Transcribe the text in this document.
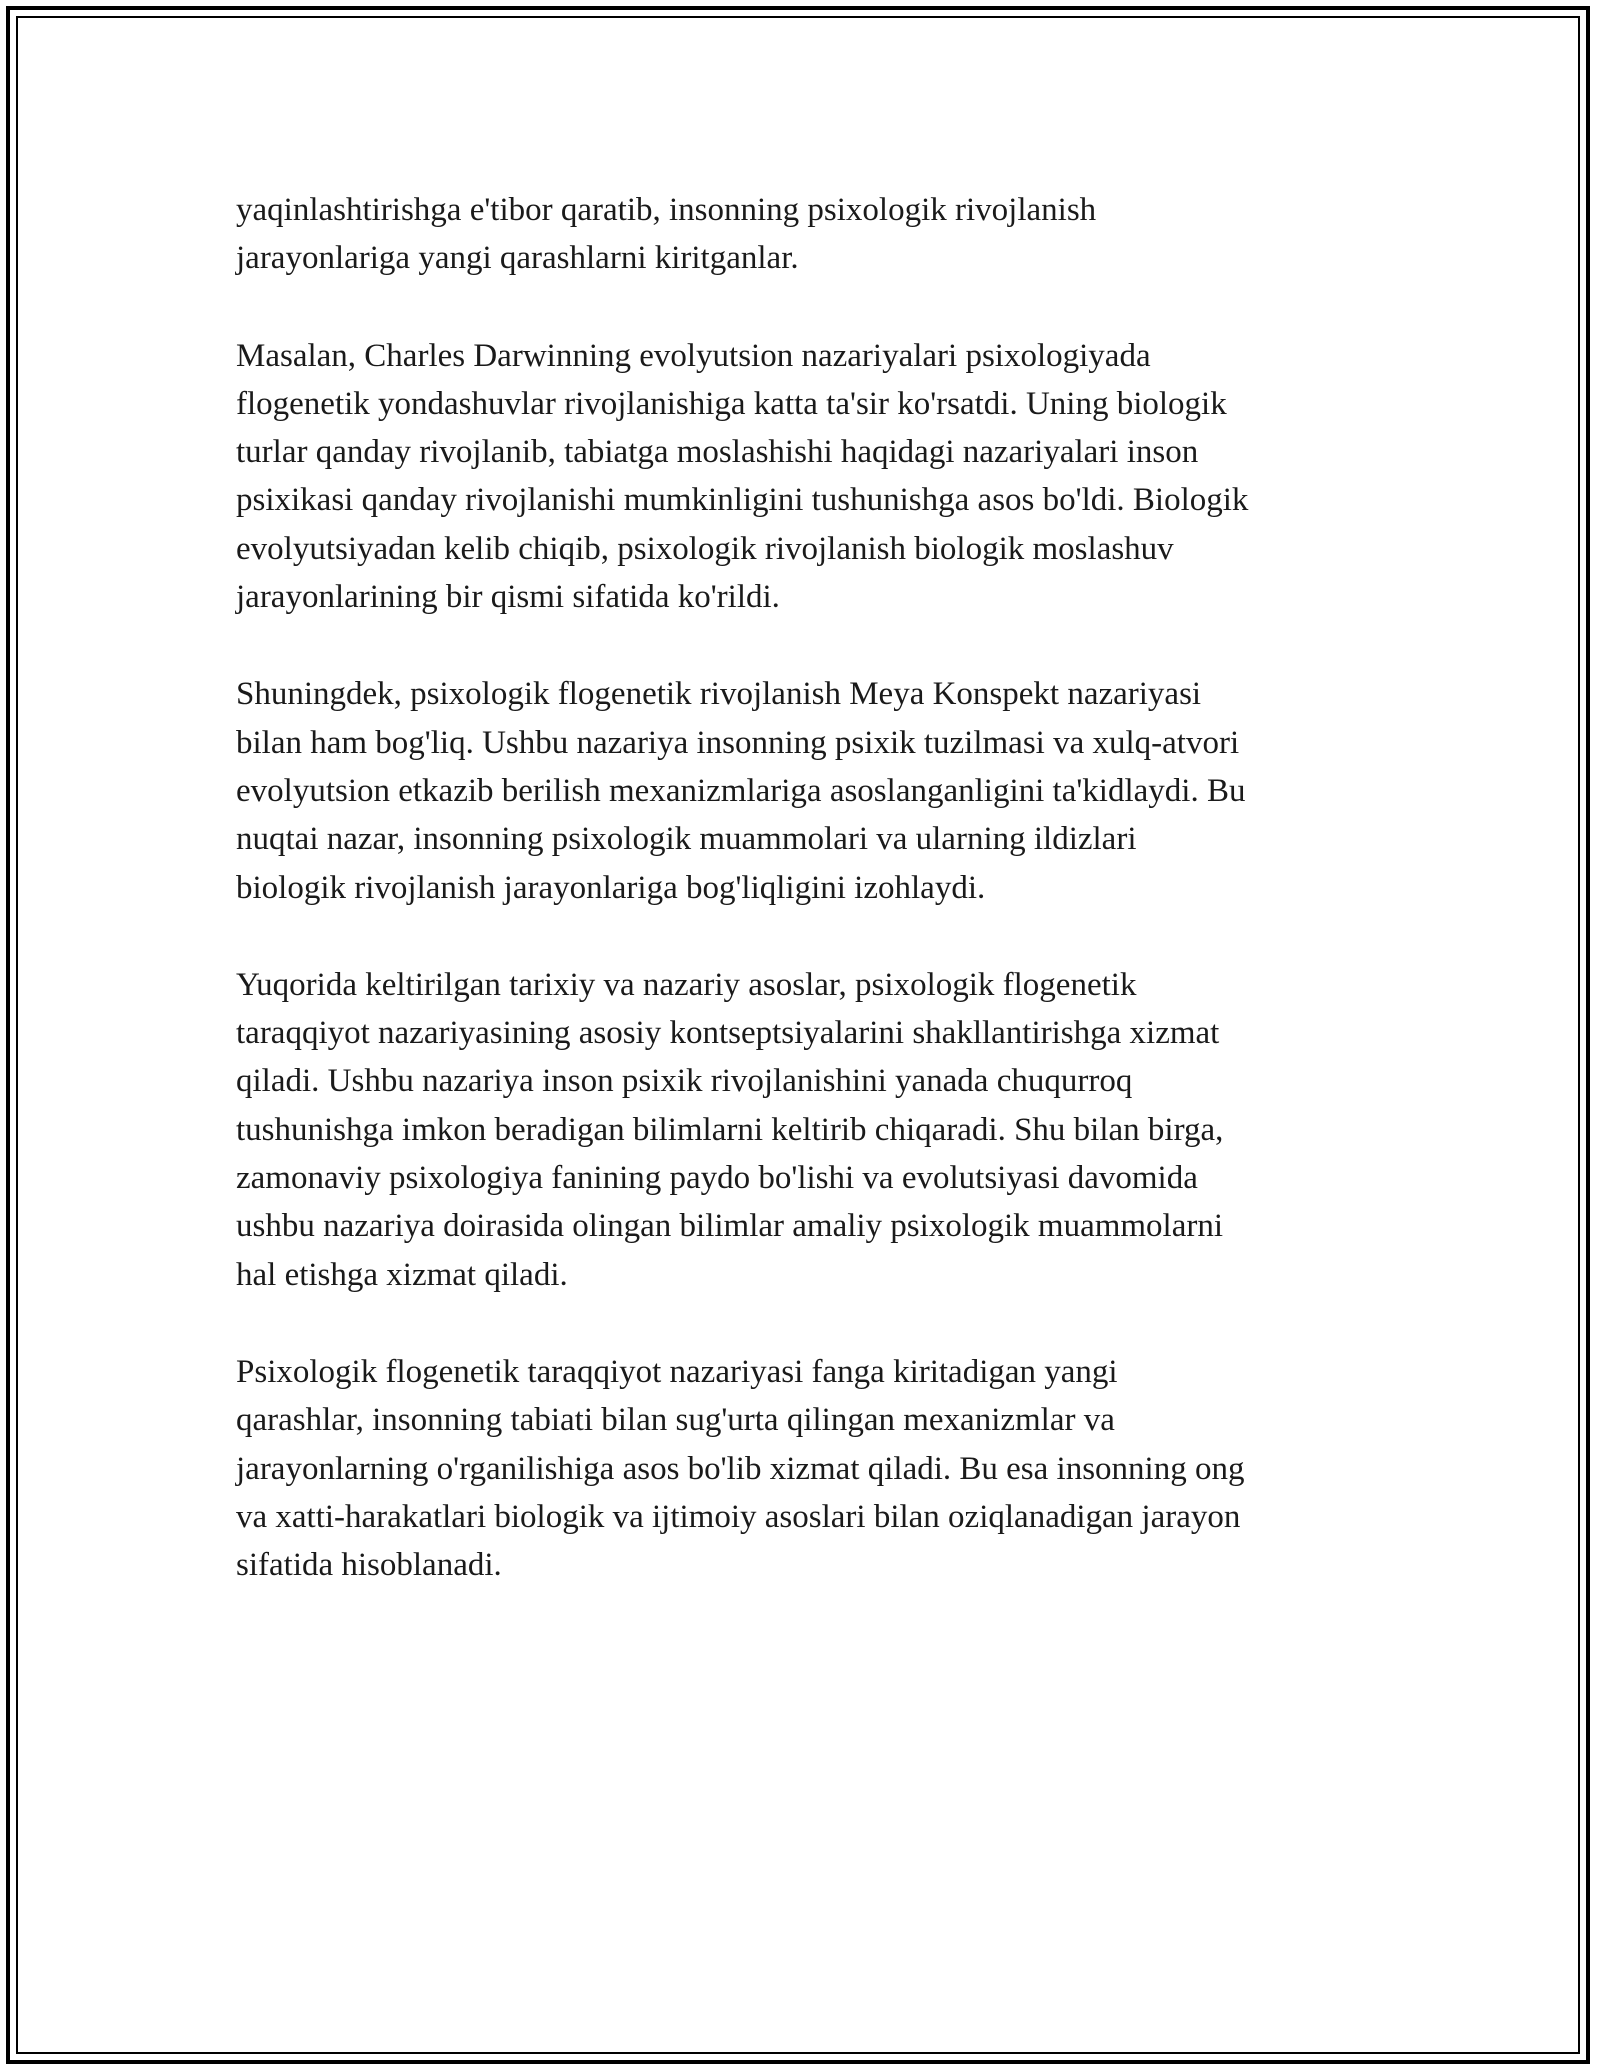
yaqinlashtirishga e'tibor qaratib, insonning psixologik rivojlanish
jarayonlariga yangi qarashlarni kiritganlar.

Masalan, Charles Darwinning evolyutsion nazariyalari psixologiyada
flogenetik yondashuvlar rivojlanishiga katta ta'sir ko'rsatdi. Uning biologik
turlar qanday rivojlanib, tabiatga moslashishi haqidagi nazariyalari inson
psixikasi qanday rivojlanishi mumkinligini tushunishga asos bo'ldi. Biologik
evolyutsiyadan kelib chiqib, psixologik rivojlanish biologik moslashuv
jarayonlarining bir qismi sifatida ko'rildi.

Shuningdek, psixologik flogenetik rivojlanish Meya Konspekt nazariyasi
bilan ham bog'liq. Ushbu nazariya insonning psixik tuzilmasi va xulq-atvori
evolyutsion etkazib berilish mexanizmlariga asoslanganligini ta'kidlaydi. Bu
nuqtai nazar, insonning psixologik muammolari va ularning ildizlari
biologik rivojlanish jarayonlariga bog'liqligini izohlaydi.

Yuqorida keltirilgan tarixiy va nazariy asoslar, psixologik flogenetik
taraqqiyot nazariyasining asosiy kontseptsiyalarini shakllantirishga xizmat
qiladi. Ushbu nazariya inson psixik rivojlanishini yanada chuqurroq
tushunishga imkon beradigan bilimlarni keltirib chiqaradi. Shu bilan birga,
zamonaviy psixologiya fanining paydo bo'lishi va evolutsiyasi davomida
ushbu nazariya doirasida olingan bilimlar amaliy psixologik muammolarni
hal etishga xizmat qiladi.

Psixologik flogenetik taraqqiyot nazariyasi fanga kiritadigan yangi
qarashlar, insonning tabiati bilan sug'urta qilingan mexanizmlar va
jarayonlarning o'rganilishiga asos bo'lib xizmat qiladi. Bu esa insonning ong
va xatti-harakatlari biologik va ijtimoiy asoslari bilan oziqlanadigan jarayon
sifatida hisoblanadi.
